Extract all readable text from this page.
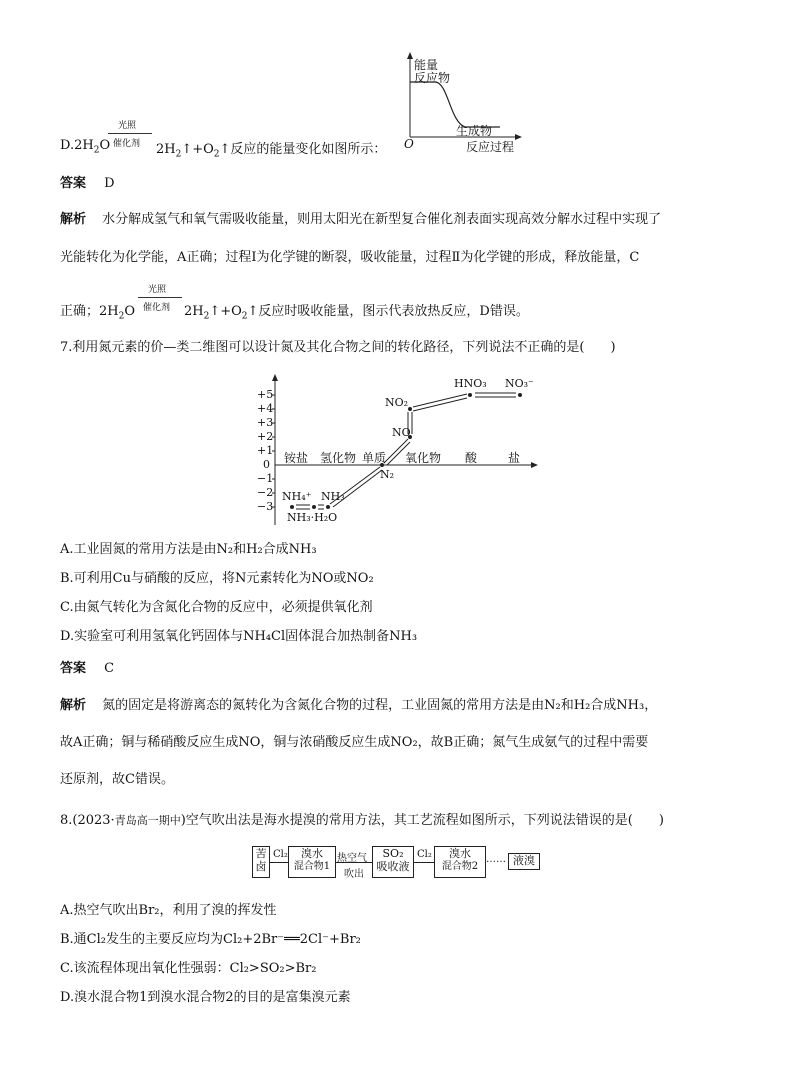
$D.2H_2O$
光照
催化剂 $2H_2↑+O_2↑$反应的能量变化如图所示：
能量
反应物
生成物
O	反应过程
答案 D
解析 水分解成氢气和氧气需吸收能量，则用太阳光在新型复合催化剂表面实现高效分解水过程中实现了
光能转化为化学能，A正确；过程Ⅰ为化学键的断裂，吸收能量，过程Ⅱ为化学键的形成，释放能量，C
正确；$2H_2O$
光照
催化剂 $2H_2↑+O_2↑$反应时吸收能量，图示代表放热反应，D错误。
7.利用氮元素的价—类二维图可以设计氮及其化合物之间的转化路径，下列说法不正确的是(　　)
+5
+4
+3
+2
+1
0
−1
−2
−3
铵盐 氢化物 单质 氧化物 酸	盐
HNO₃ NO₃⁻
NO₂
NO
N₂
NH₄⁺ NH₃
NH₃·H₂O
A.工业固氮的常用方法是由N₂和H₂合成NH₃
B.可利用Cu与硝酸的反应，将N元素转化为NO或NO₂
C.由氮气转化为含氮化合物的反应中，必须提供氧化剂
D.实验室可利用氢氧化钙固体与NH₄Cl固体混合加热制备NH₃
答案 C
解析 氮的固定是将游离态的氮转化为含氮化合物的过程，工业固氮的常用方法是由N₂和H₂合成NH₃，
故A正确；铜与稀硝酸反应生成NO，铜与浓硝酸反应生成NO₂，故B正确；氮气生成氨气的过程中需要
还原剂，故C错误。
8.(2023·青岛高一期中)空气吹出法是海水提溴的常用方法，其工艺流程如图所示，下列说法错误的是(　　)
苦
卤
Cl₂	溴水
混合物1
热空气
吹出
SO₂
吸收液
Cl₂	溴水
混合物2
…… 液溴
A.热空气吹出Br₂，利用了溴的挥发性
B.通Cl₂发生的主要反应均为Cl₂+2Br⁻══2Cl⁻+Br₂
C.该流程体现出氧化性强弱：Cl₂>SO₂>Br₂
D.溴水混合物1到溴水混合物2的目的是富集溴元素
